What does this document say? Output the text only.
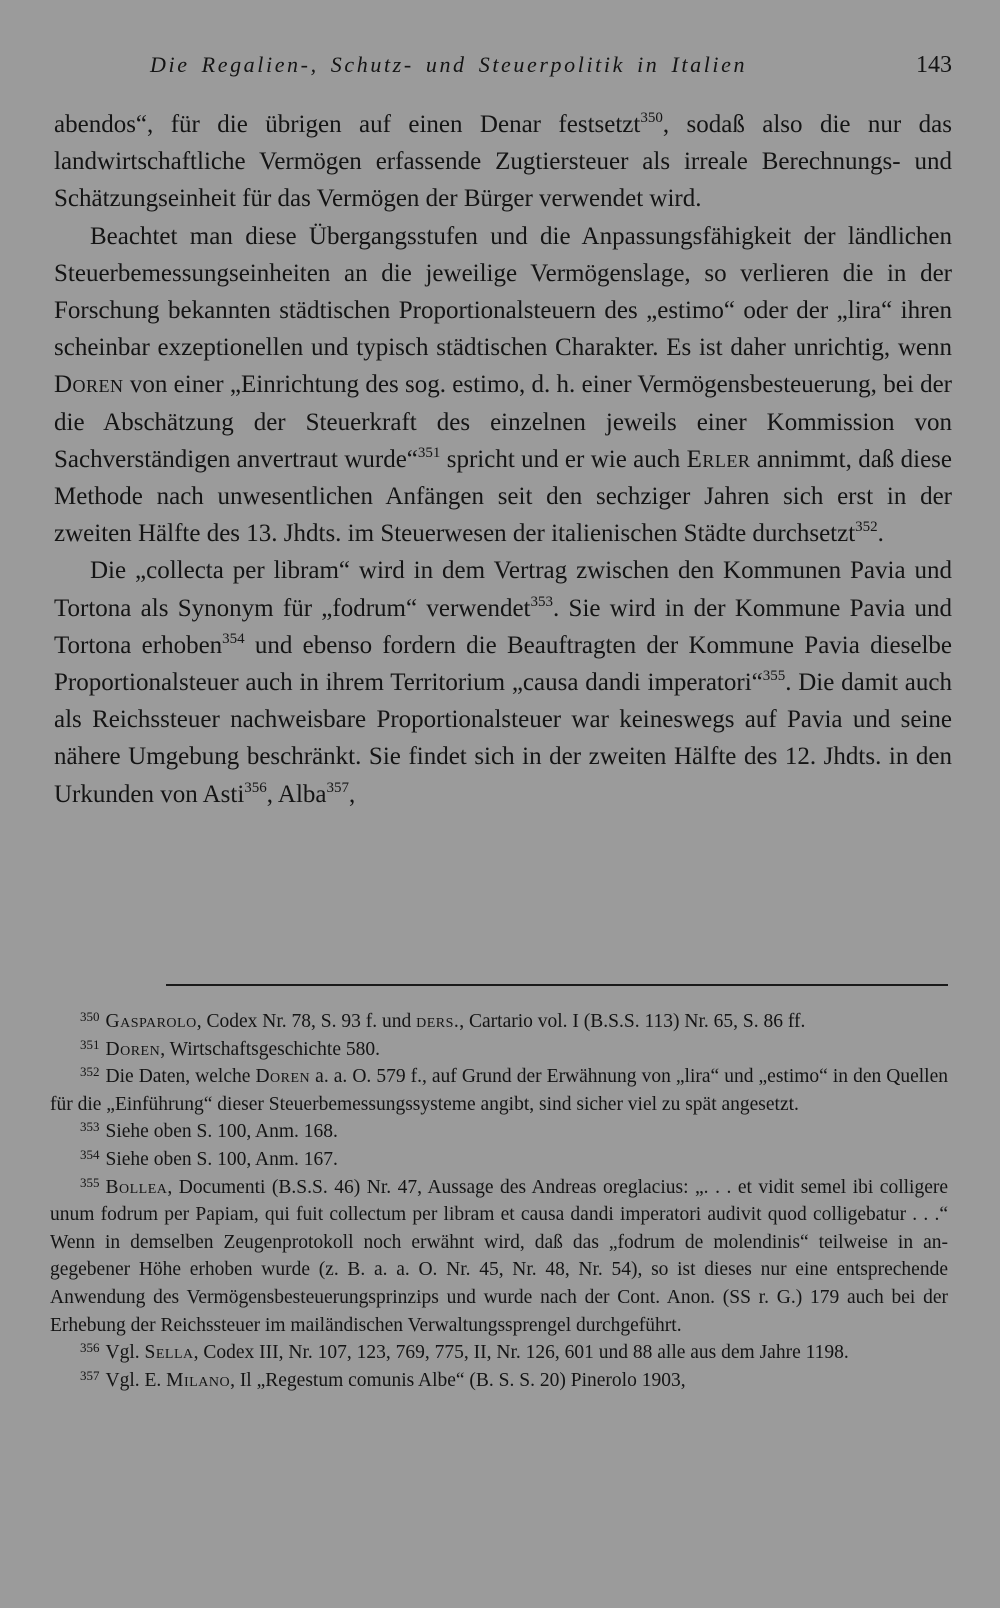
Die Regalien-, Schutz- und Steuerpolitik in Italien	143

abendos“, für die übrigen auf einen Denar festsetzt$^{350}$, sodaß also die nur das landwirtschaftliche Vermögen erfassende Zugtiersteuer als irreale Berechnungs- und Schätzungseinheit für das Vermögen der Bürger verwendet wird.

Beachtet man diese Übergangsstufen und die Anpassungsfähigkeit der ländlichen Steuerbemessungseinheiten an die jeweilige Vermögenslage, so verlieren die in der Forschung bekannten städtischen Proportionalsteuern des „estimo“ oder der „lira“ ihren scheinbar exzeptionellen und typisch städtischen Charakter. Es ist daher unrichtig, wenn Doren von einer „Einrichtung des sog. estimo, d. h. einer Vermögensbesteuerung, bei der die Abschätzung der Steuerkraft des einzelnen jeweils einer Kommission von Sachverständigen anvertraut wurde“$^{351}$ spricht und er wie auch Erler annimmt, daß diese Methode nach unwesentlichen Anfängen seit den sechziger Jahren sich erst in der zweiten Hälfte des 13. Jhdts. im Steuerwesen der italienischen Städte durchsetzt$^{352}$.

Die „collecta per libram“ wird in dem Vertrag zwischen den Kommunen Pavia und Tortona als Synonym für „fodrum“ verwendet$^{353}$. Sie wird in der Kommune Pavia und Tortona erhoben$^{354}$ und ebenso fordern die Beauftragten der Kommune Pavia dieselbe Proportionalsteuer auch in ihrem Territorium „causa dandi imperatori“$^{355}$. Die damit auch als Reichssteuer nachweisbare Proportionalsteuer war keineswegs auf Pavia und seine nähere Umgebung beschränkt. Sie findet sich in der zweiten Hälfte des 12. Jhdts. in den Urkunden von Asti$^{356}$, Alba$^{357}$,

$^{350}$ Gasparolo, Codex Nr. 78, S. 93 f. und ders., Cartario vol. I (B.S.S. 113) Nr. 65, S. 86 ff.

$^{351}$ Doren, Wirtschaftsgeschichte 580.

$^{352}$ Die Daten, welche Doren a. a. O. 579 f., auf Grund der Erwähnung von „lira“ und „estimo“ in den Quellen für die „Einführung“ dieser Steuerbemessungssysteme angibt, sind sicher viel zu spät angesetzt.

$^{353}$ Siehe oben S. 100, Anm. 168.

$^{354}$ Siehe oben S. 100, Anm. 167.

$^{355}$ Bollea, Documenti (B.S.S. 46) Nr. 47, Aussage des Andreas oreglacius: „. . . et vidit semel ibi colligere unum fodrum per Papiam, qui fuit collectum per libram et causa dandi imperatori audivit quod colligebatur . . .“ Wenn in demselben Zeugenprotokoll noch erwähnt wird, daß das „fodrum de molendinis“ teilweise in angegebener Höhe erhoben wurde (z. B. a. a. O. Nr. 45, Nr. 48, Nr. 54), so ist dieses nur eine entsprechende Anwendung des Vermögensbesteuerungsprinzips und wurde nach der Cont. Anon. (SS r. G.) 179 auch bei der Erhebung der Reichssteuer im mailändischen Verwaltungssprengel durchgeführt.

$^{356}$ Vgl. Sella, Codex III, Nr. 107, 123, 769, 775, II, Nr. 126, 601 und 88 alle aus dem Jahre 1198.

$^{357}$ Vgl. E. Milano, Il „Regestum comunis Albe“ (B. S. S. 20) Pinerolo 1903,
